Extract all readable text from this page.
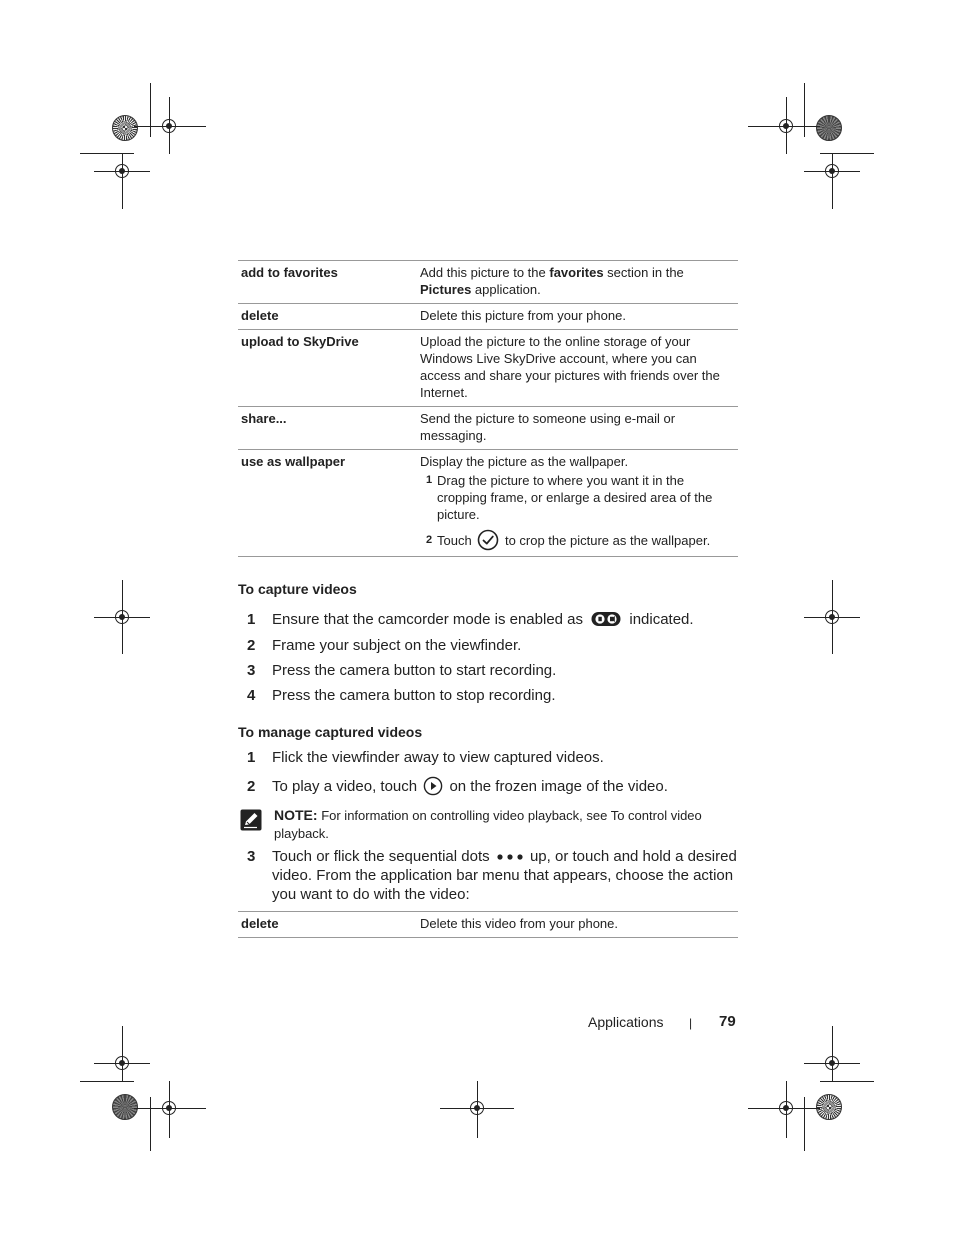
add to favorites	Add this picture to the favorites section in the Pictures application.
delete	Delete this picture from your phone.
upload to SkyDrive	Upload the picture to the online storage of your Windows Live SkyDrive account, where you can access and share your pictures with friends over the Internet.
share...	Send the picture to someone using e-mail or messaging.
use as wallpaper	Display the picture as the wallpaper.
1 Drag the picture to where you want it in the cropping frame, or enlarge a desired area of the picture.
2 Touch to crop the picture as the wallpaper.
To capture videos
1	Ensure that the camcorder mode is enabled as	indicated.
2	Frame your subject on the viewfinder.
3	Press the camera button to start recording.
4	Press the camera button to stop recording.
To manage captured videos
1	Flick the viewfinder away to view captured videos.
2	To play a video, touch on the frozen image of the video.
NOTE: For information on controlling video playback, see To control video playback.
3	Touch or flick the sequential dots	up, or touch and hold a desired video. From the application bar menu that appears, choose the action you want to do with the video:
delete	Delete this video from your phone.
Applications | 79
